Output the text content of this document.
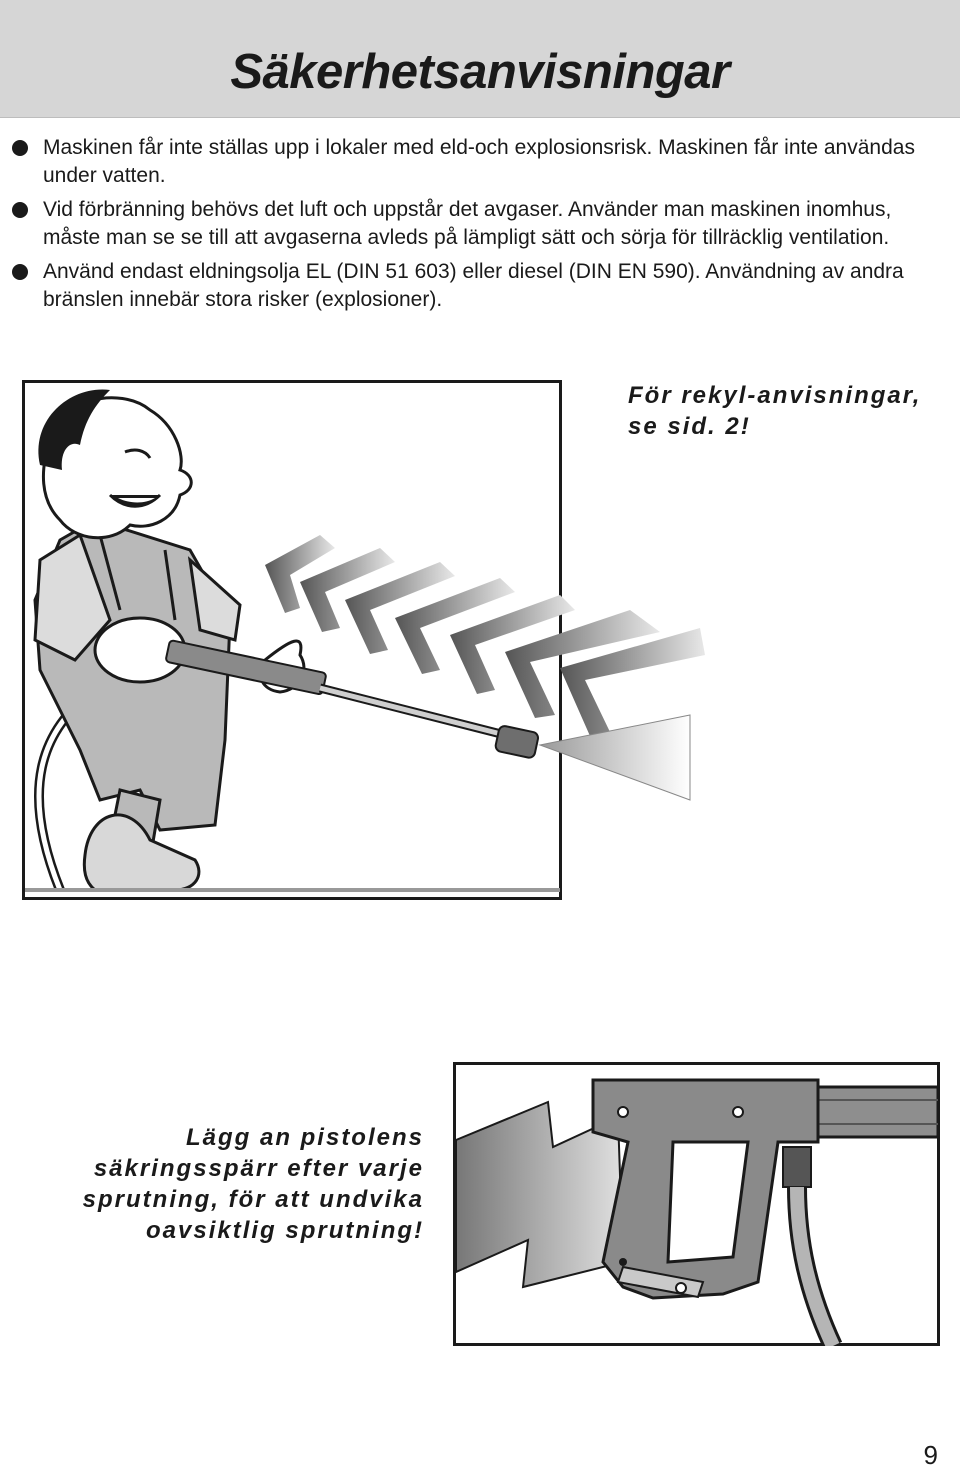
Säkerhetsanvisningar
Maskinen får inte ställas upp i lokaler med eld-och explosionsrisk. Maskinen får inte användas under vatten.
Vid förbränning behövs det luft och uppstår det avgaser. Använder man maskinen inomhus, måste man se se till att avgaserna avleds på lämpligt sätt och sörja för tillräcklig ventilation.
Använd endast eldningsolja EL (DIN 51 603) eller diesel (DIN EN 590). Användning av andra bränslen innebär stora risker (explosioner).
För rekyl-anvisningar,
se sid. 2!
Lägg an pistolens
säkringsspärr efter varje
sprutning, för att undvika
oavsiktlig sprutning!
9
